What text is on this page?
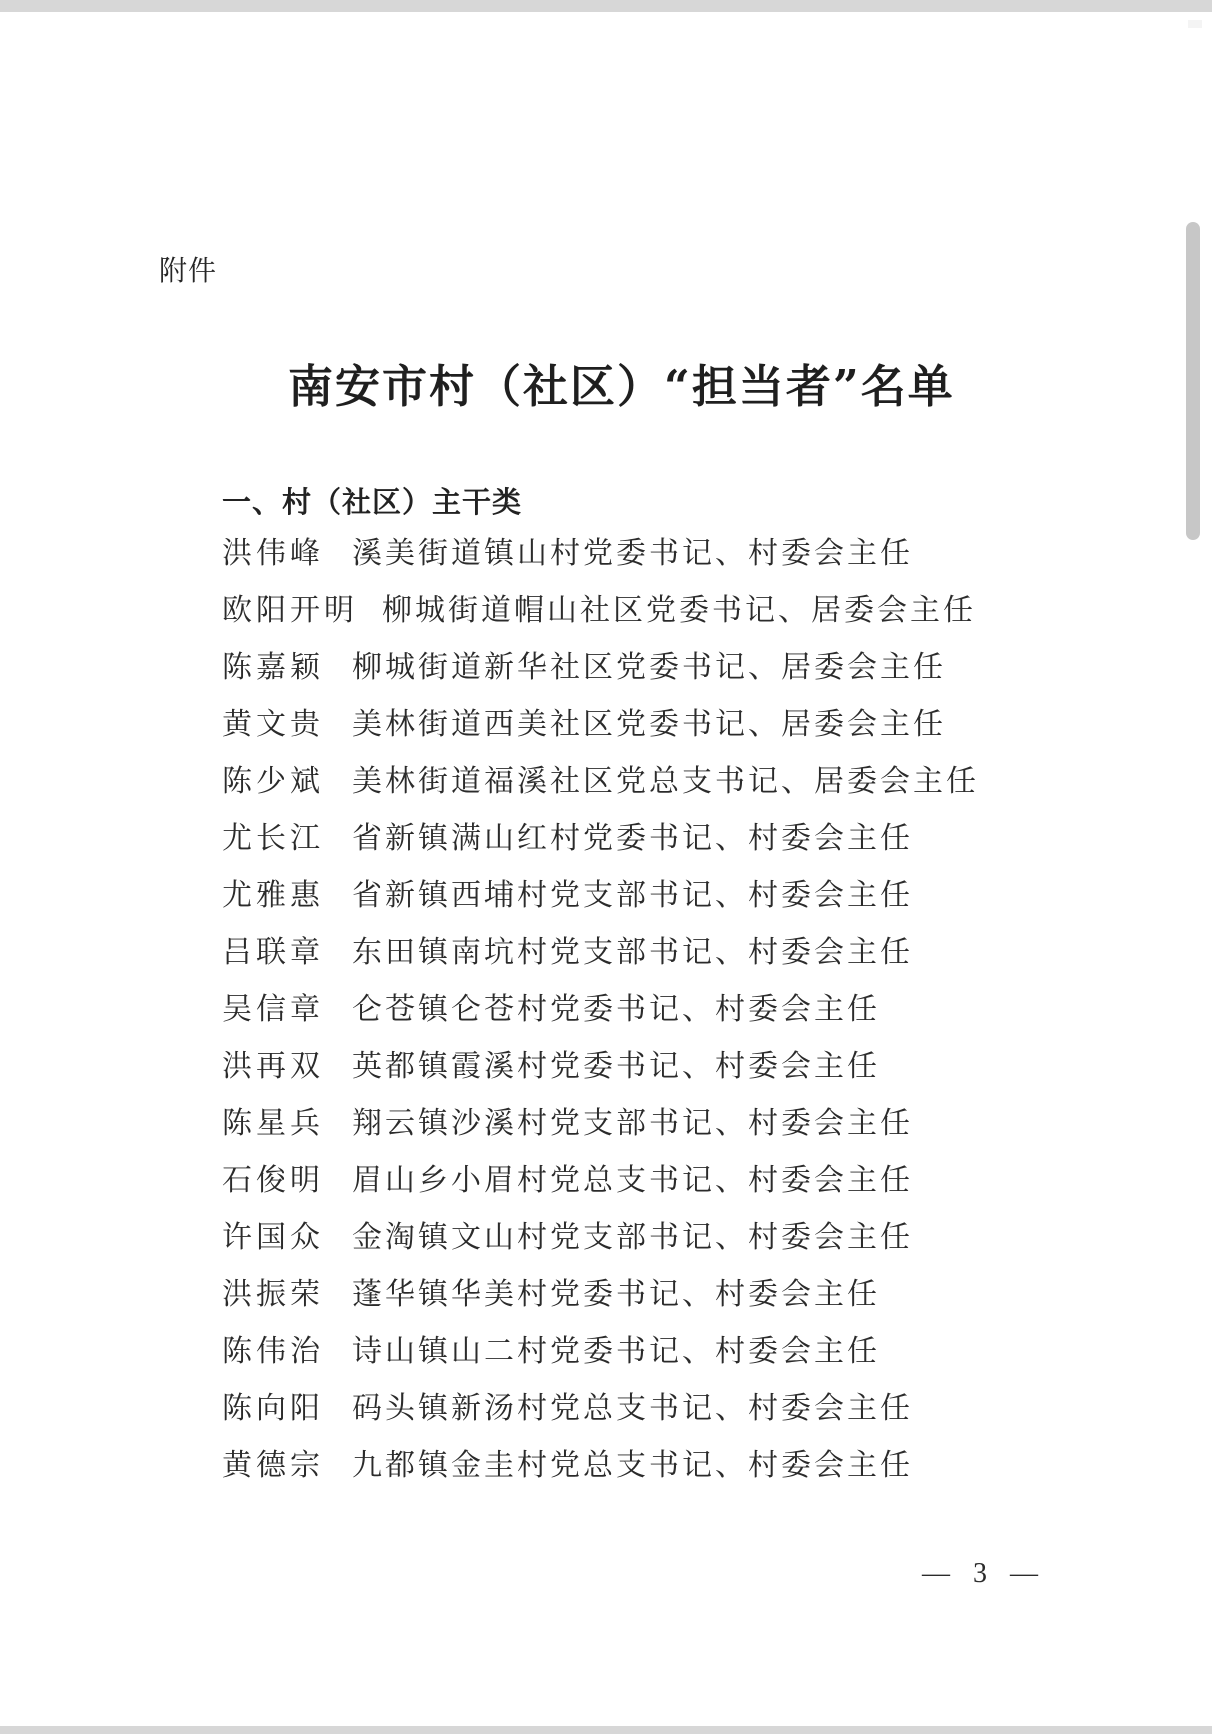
附件
南安市村（社区）“担当者”名单
一、村（社区）主干类
洪伟峰 溪美街道镇山村党委书记、村委会主任
欧阳开明 柳城街道帽山社区党委书记、居委会主任
陈嘉颖 柳城街道新华社区党委书记、居委会主任
黄文贵 美林街道西美社区党委书记、居委会主任
陈少斌 美林街道福溪社区党总支书记、居委会主任
尤长江 省新镇满山红村党委书记、村委会主任
尤雅惠 省新镇西埔村党支部书记、村委会主任
吕联章 东田镇南坑村党支部书记、村委会主任
吴信章 仑苍镇仑苍村党委书记、村委会主任
洪再双 英都镇霞溪村党委书记、村委会主任
陈星兵 翔云镇沙溪村党支部书记、村委会主任
石俊明 眉山乡小眉村党总支书记、村委会主任
许国众 金淘镇文山村党支部书记、村委会主任
洪振荣 蓬华镇华美村党委书记、村委会主任
陈伟治 诗山镇山二村党委书记、村委会主任
陈向阳 码头镇新汤村党总支书记、村委会主任
黄德宗 九都镇金圭村党总支书记、村委会主任
— 3 —
